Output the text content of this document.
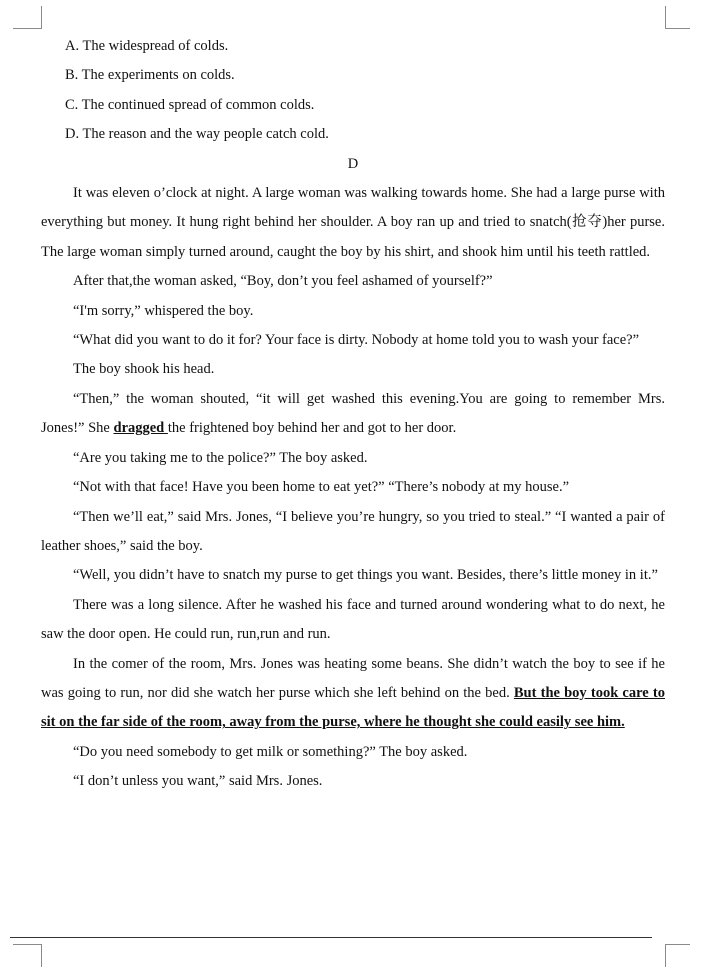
A. The widespread of colds.

B. The experiments on colds.

C. The continued spread of common colds.

D. The reason and the way people catch cold.

D

It was eleven o’clock at night. A large woman was walking towards home. She had a large purse with everything but money. It hung right behind her shoulder. A boy ran up and tried to snatch(抢夺)her purse. The large woman simply turned around, caught the boy by his shirt, and shook him until his teeth rattled.

After that,the woman asked, “Boy, don’t you feel ashamed of yourself?”

“I'm sorry,” whispered the boy.

“What did you want to do it for? Your face is dirty. Nobody at home told you to wash your face?”

The boy shook his head.

“Then,” the woman shouted, “it will get washed this evening.You are going to remember Mrs. Jones!” She dragged the frightened boy behind her and got to her door.

“Are you taking me to the police?” The boy asked.

“Not with that face! Have you been home to eat yet?” “There’s nobody at my house.”

“Then we’ll eat,” said Mrs. Jones, “I believe you’re hungry, so you tried to steal.” “I wanted a pair of leather shoes,” said the boy.

“Well, you didn’t have to snatch my purse to get things you want. Besides, there’s little money in it.”

There was a long silence. After he washed his face and turned around wondering what to do next, he saw the door open. He could run, run,run and run.

In the comer of the room, Mrs. Jones was heating some beans. She didn’t watch the boy to see if he was going to run, nor did she watch her purse which she left behind on the bed. But the boy took care to sit on the far side of the room, away from the purse, where he thought she could easily see him.

“Do you need somebody to get milk or something?” The boy asked.

“I don’t unless you want,” said Mrs. Jones.
